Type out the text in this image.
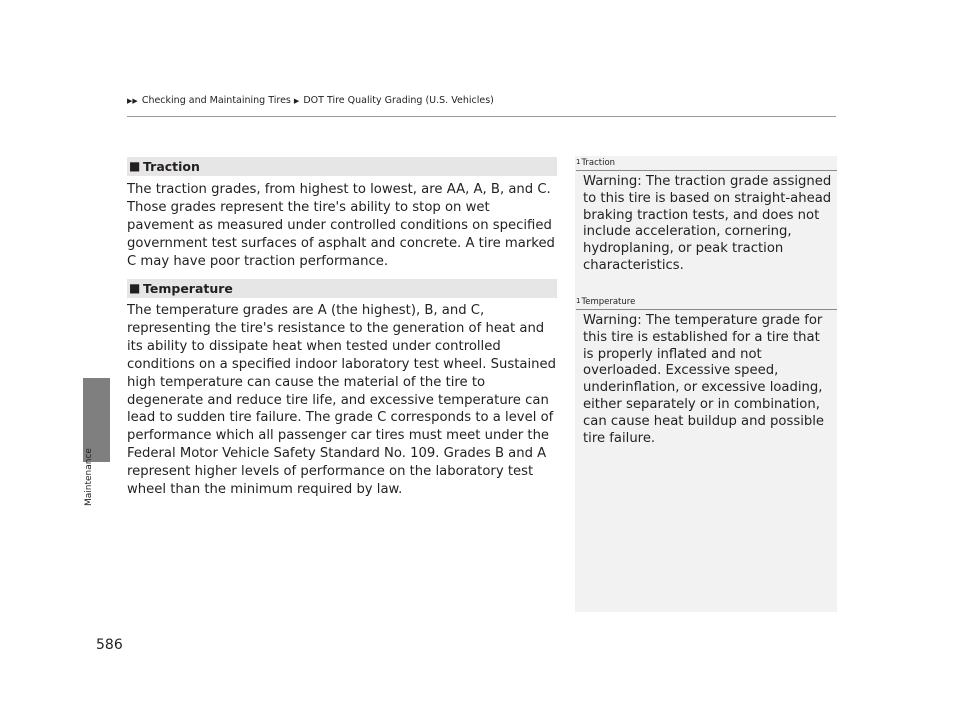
▶▶ Checking and Maintaining Tires ▶ DOT Tire Quality Grading (U.S. Vehicles)
Maintenance
■ Traction
The traction grades, from highest to lowest, are AA, A, B, and C. Those grades represent the tire's ability to stop on wet pavement as measured under controlled conditions on specified government test surfaces of asphalt and concrete. A tire marked C may have poor traction performance.
■ Temperature
The temperature grades are A (the highest), B, and C, representing the tire's resistance to the generation of heat and its ability to dissipate heat when tested under controlled conditions on a specified indoor laboratory test wheel. Sustained high temperature can cause the material of the tire to degenerate and reduce tire life, and excessive temperature can lead to sudden tire failure. The grade C corresponds to a level of performance which all passenger car tires must meet under the Federal Motor Vehicle Safety Standard No. 109. Grades B and A represent higher levels of performance on the laboratory test wheel than the minimum required by law.
1Traction
Warning: The traction grade assigned to this tire is based on straight-ahead braking traction tests, and does not include acceleration, cornering, hydroplaning, or peak traction characteristics.
1Temperature
Warning: The temperature grade for this tire is established for a tire that is properly inflated and not overloaded. Excessive speed, underinflation, or excessive loading, either separately or in combination, can cause heat buildup and possible tire failure.
586
